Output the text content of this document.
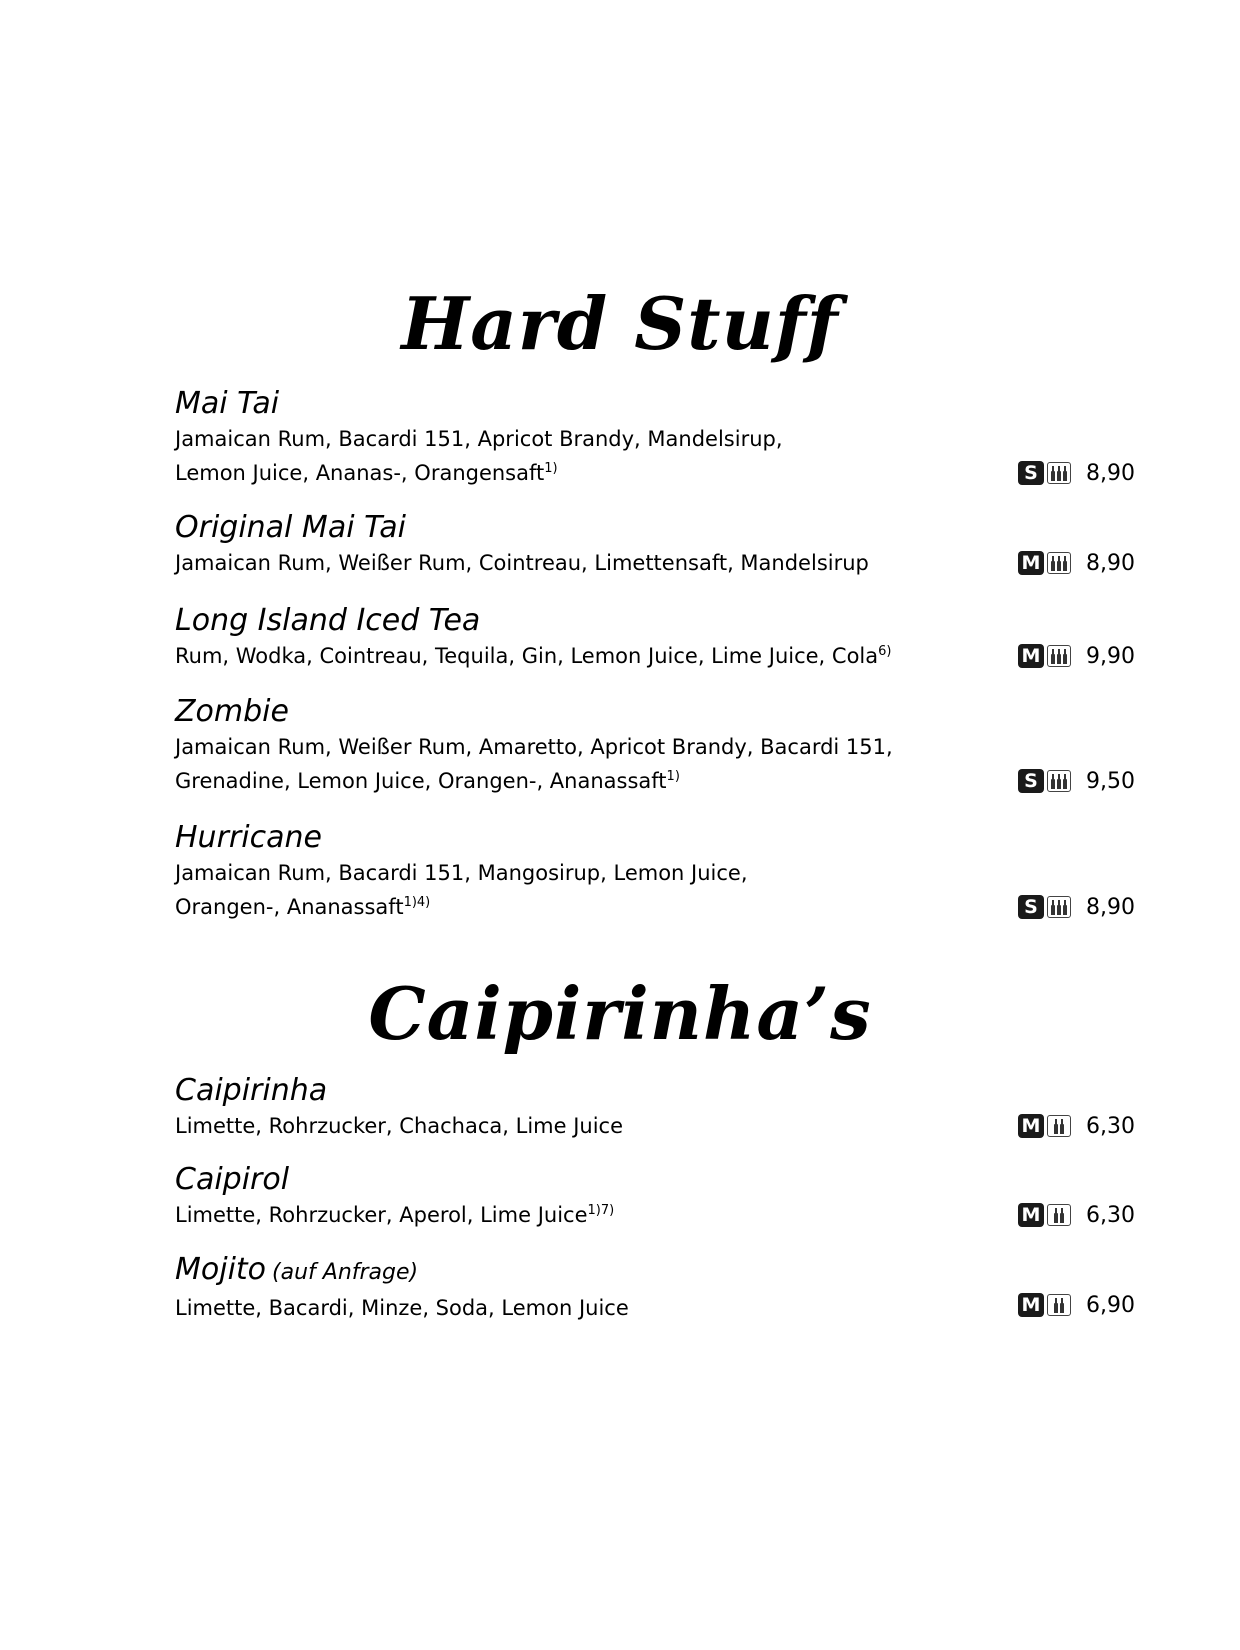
Hard Stuff

Mai Tai

Jamaican Rum, Bacardi 151, Apricot Brandy, Mandelsirup,

Lemon Juice, Ananas-, Orangensaft$^{1)}$	S	8,90

Original Mai Tai

Jamaican Rum, Weißer Rum, Cointreau, Limettensaft, Mandelsirup	M	8,90

Long Island Iced Tea

Rum, Wodka, Cointreau, Tequila, Gin, Lemon Juice, Lime Juice, Cola$^{6)}$	M	9,90

Zombie

Jamaican Rum, Weißer Rum, Amaretto, Apricot Brandy, Bacardi 151,

Grenadine, Lemon Juice, Orangen-, Ananassaft$^{1)}$	S	9,50

Hurricane

Jamaican Rum, Bacardi 151, Mangosirup, Lemon Juice,

Orangen-, Ananassaft$^{1)4)}$	S	8,90
Caipirinha’s

Caipirinha

Limette, Rohrzucker, Chachaca, Lime Juice	M	6,30

Caipirol

Limette, Rohrzucker, Aperol, Lime Juice$^{1)7)}$	M	6,30

Mojito (auf Anfrage)

Limette, Bacardi, Minze, Soda, Lemon Juice	M	6,90
